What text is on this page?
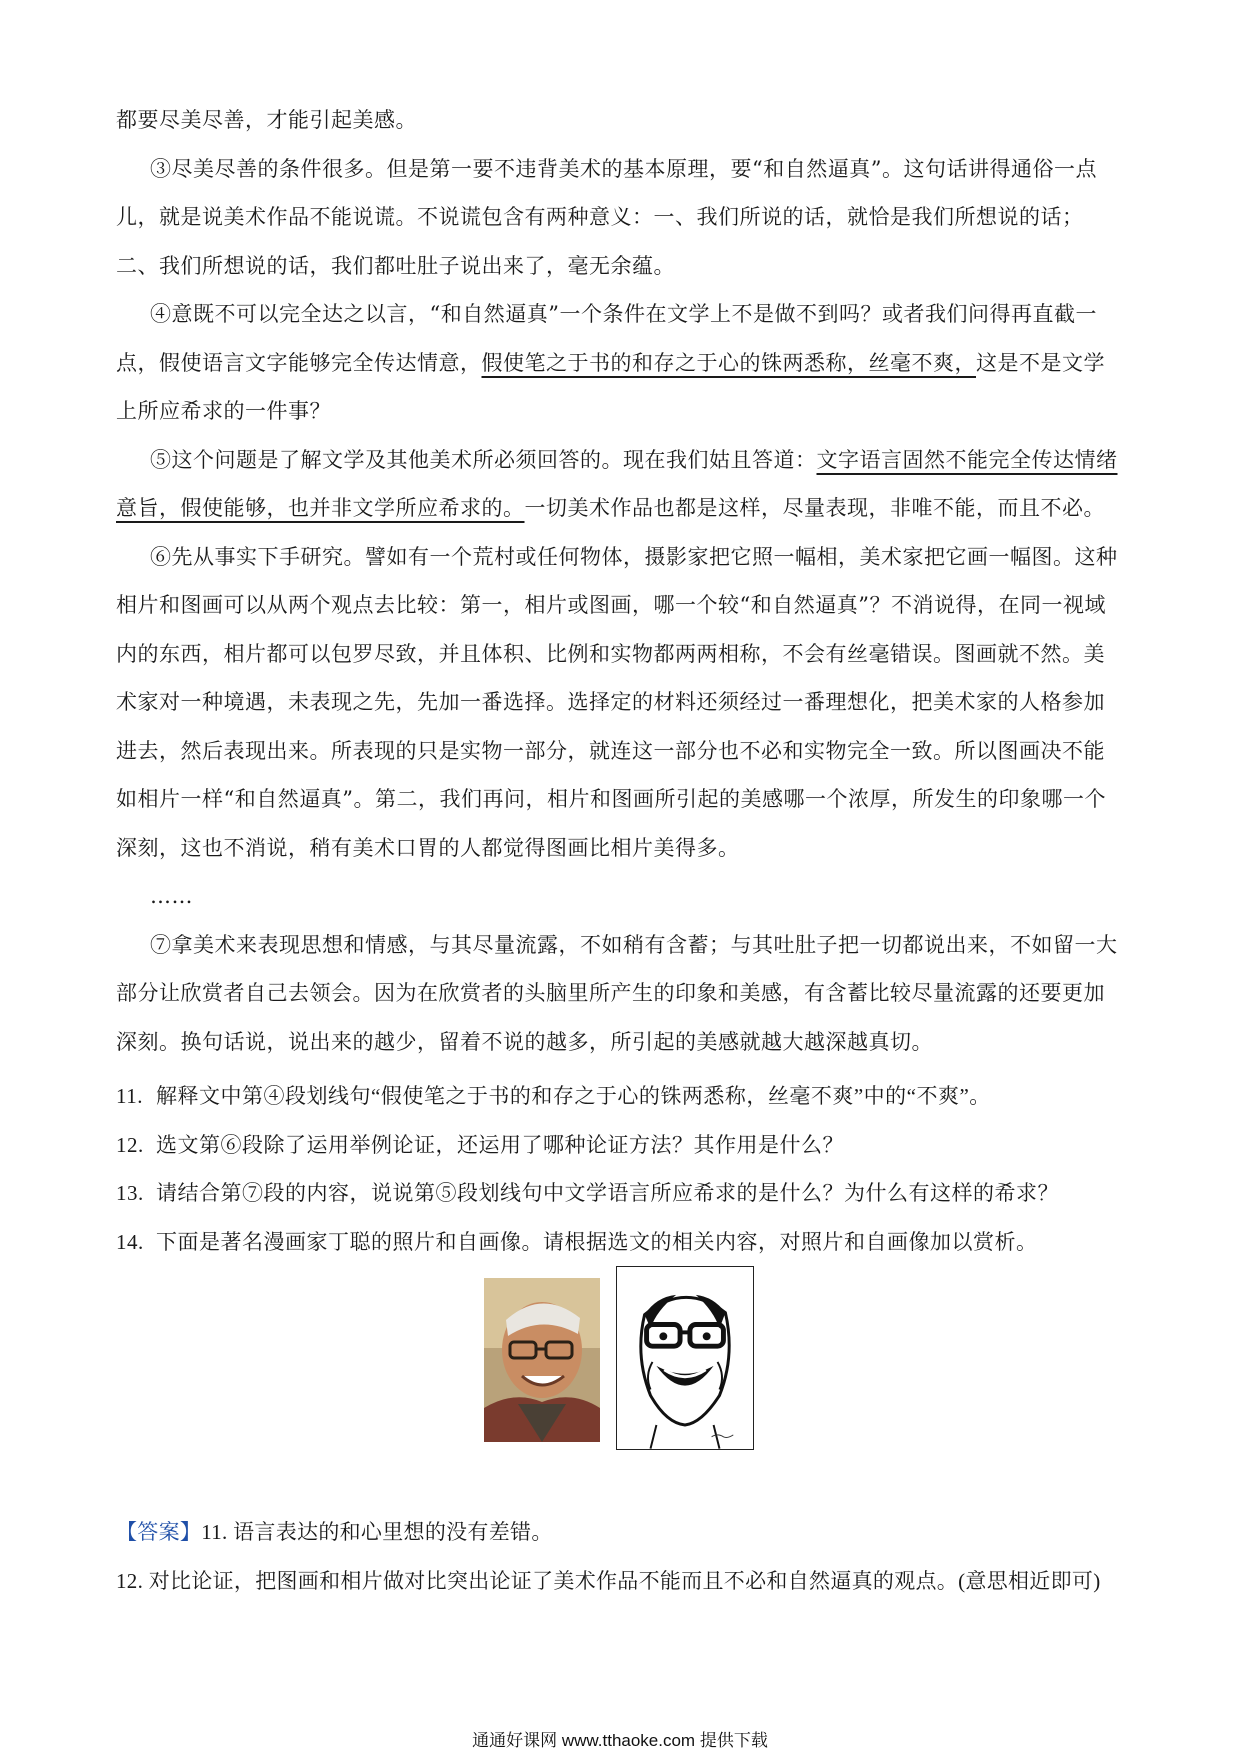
都要尽美尽善，才能引起美感。

③尽美尽善的条件很多。但是第一要不违背美术的基本原理，要“和自然逼真”。这句话讲得通俗一点儿，就是说美术作品不能说谎。不说谎包含有两种意义：一、我们所说的话，就恰是我们所想说的话；二、我们所想说的话，我们都吐肚子说出来了，毫无余蕴。

④意既不可以完全达之以言，“和自然逼真”一个条件在文学上不是做不到吗？或者我们问得再直截一点，假使语言文字能够完全传达情意，假使笔之于书的和存之于心的铢两悉称，丝毫不爽，这是不是文学上所应希求的一件事？

⑤这个问题是了解文学及其他美术所必须回答的。现在我们姑且答道：文字语言固然不能完全传达情绪意旨，假使能够，也并非文学所应希求的。一切美术作品也都是这样，尽量表现，非唯不能，而且不必。

⑥先从事实下手研究。譬如有一个荒村或任何物体，摄影家把它照一幅相，美术家把它画一幅图。这种相片和图画可以从两个观点去比较：第一，相片或图画，哪一个较“和自然逼真”？不消说得，在同一视域内的东西，相片都可以包罗尽致，并且体积、比例和实物都两两相称，不会有丝毫错误。图画就不然。美术家对一种境遇，未表现之先，先加一番选择。选择定的材料还须经过一番理想化，把美术家的人格参加进去，然后表现出来。所表现的只是实物一部分，就连这一部分也不必和实物完全一致。所以图画决不能如相片一样“和自然逼真”。第二，我们再问，相片和图画所引起的美感哪一个浓厚，所发生的印象哪一个深刻，这也不消说，稍有美术口胃的人都觉得图画比相片美得多。

……

⑦拿美术来表现思想和情感，与其尽量流露，不如稍有含蓄；与其吐肚子把一切都说出来，不如留一大部分让欣赏者自己去领会。因为在欣赏者的头脑里所产生的印象和美感，有含蓄比较尽量流露的还要更加深刻。换句话说，说出来的越少，留着不说的越多，所引起的美感就越大越深越真切。

11. 解释文中第④段划线句“假使笔之于书的和存之于心的铢两悉称，丝毫不爽”中的“不爽”。

12. 选文第⑥段除了运用举例论证，还运用了哪种论证方法？其作用是什么？

13. 请结合第⑦段的内容，说说第⑤段划线句中文学语言所应希求的是什么？为什么有这样的希求？

14. 下面是著名漫画家丁聪的照片和自画像。请根据选文的相关内容，对照片和自画像加以赏析。

【答案】11. 语言表达的和心里想的没有差错。

12. 对比论证，把图画和相片做对比突出论证了美术作品不能而且不必和自然逼真的观点。(意思相近即可)

通通好课网 www.tthaoke.com 提供下载
